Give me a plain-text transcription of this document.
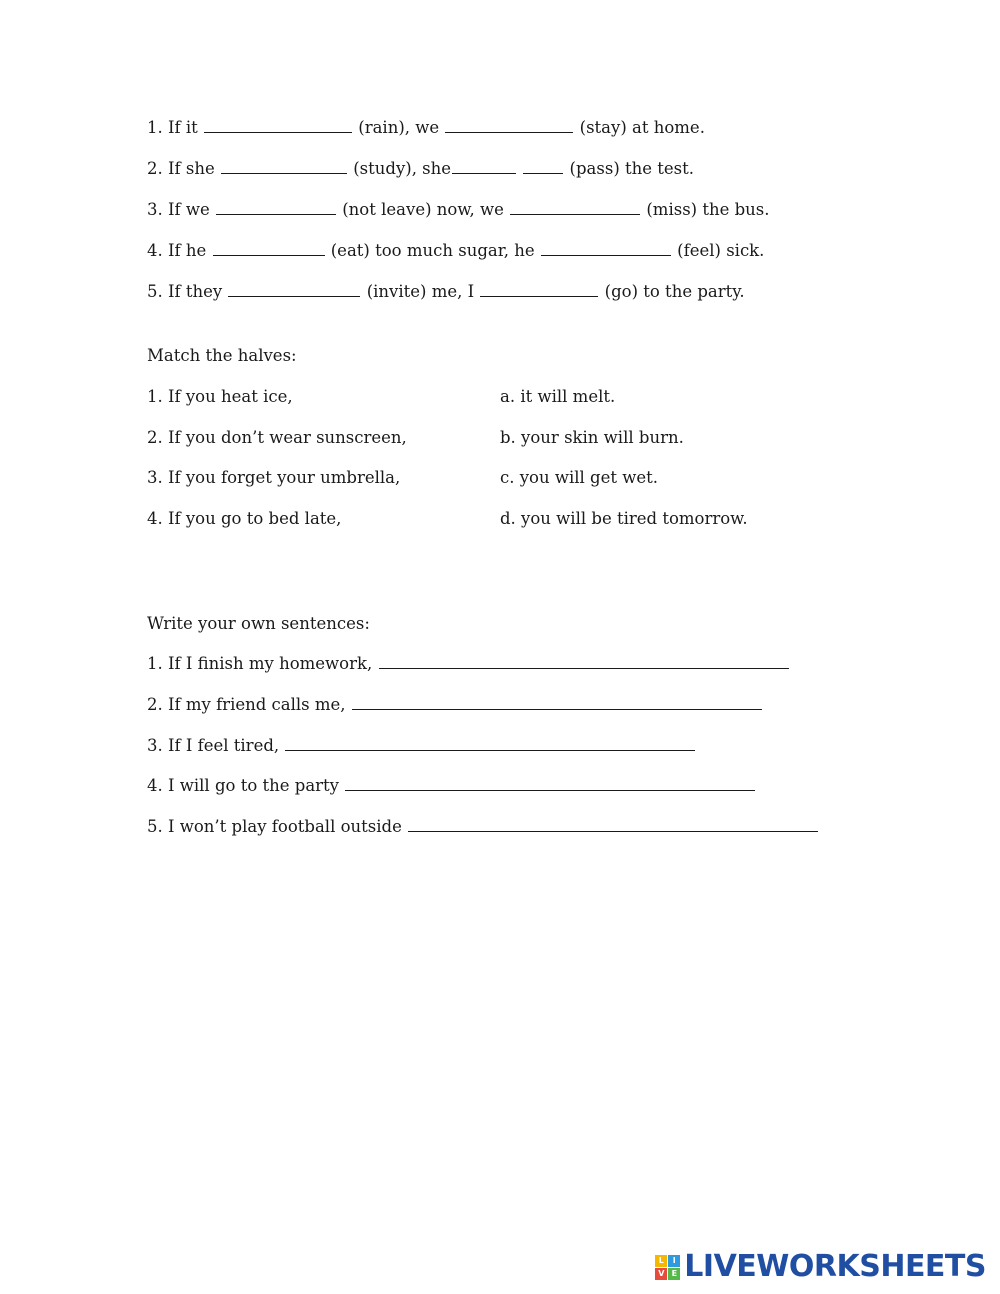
1. If it	(rain), we	(stay) at home.
2. If she	(study), she	(pass) the test.
3. If we	(not leave) now, we	(miss) the bus.
4. If he	(eat) too much sugar, he	(feel) sick.
5. If they	(invite) me, I	(go) to the party.
Match the halves:
1. If you heat ice,	a. it will melt.
2. If you don’t wear sunscreen,	b. your skin will burn.
3. If you forget your umbrella,	c. you will get wet.
4. If you go to bed late,	d. you will be tired tomorrow.
Write your own sentences:
1. If I finish my homework,
2. If my friend calls me,
3. If I feel tired,
4. I will go to the party
5. I won’t play football outside
L	I
V E LIVEWORKSHEETS
